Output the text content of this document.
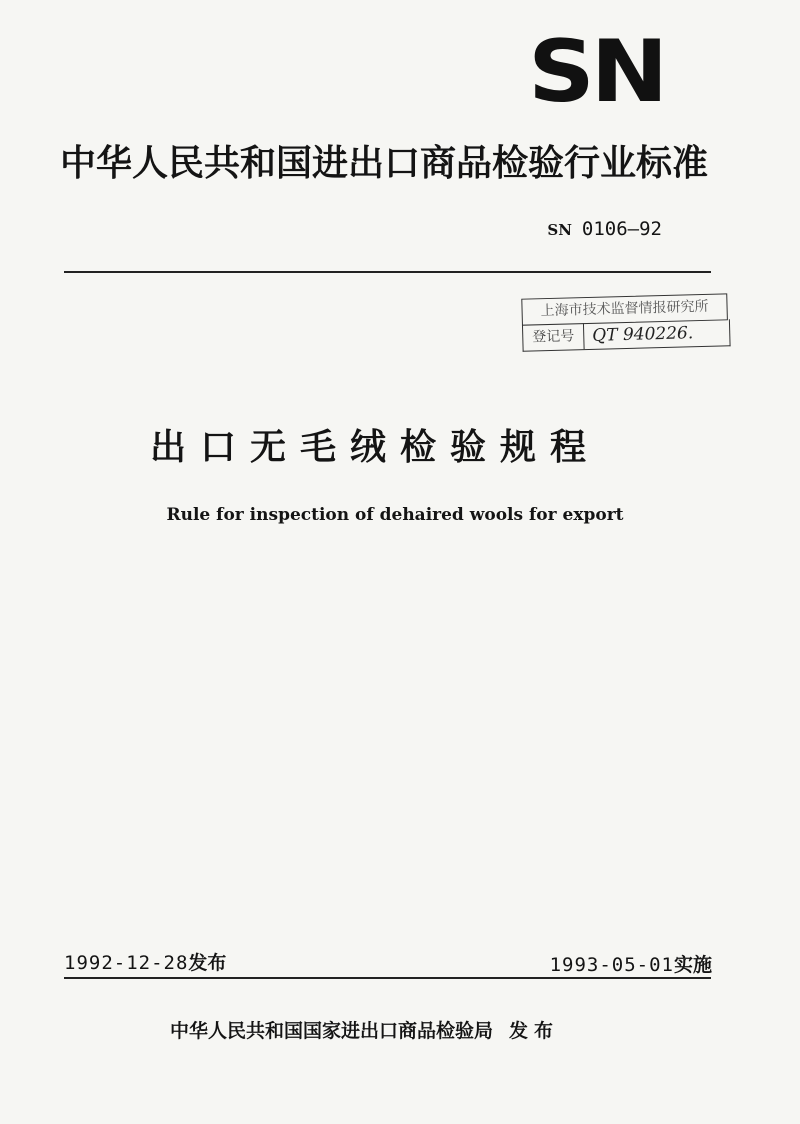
SN
中华人民共和国进出口商品检验行业标准
SN 0106—92
上海市技术监督情报研究所
登记号	QT 940226.
出口无毛绒检验规程
Rule for inspection of dehaired wools for export
1992-12-28发布	1993-05-01实施
中华人民共和国国家进出口商品检验局 发布
